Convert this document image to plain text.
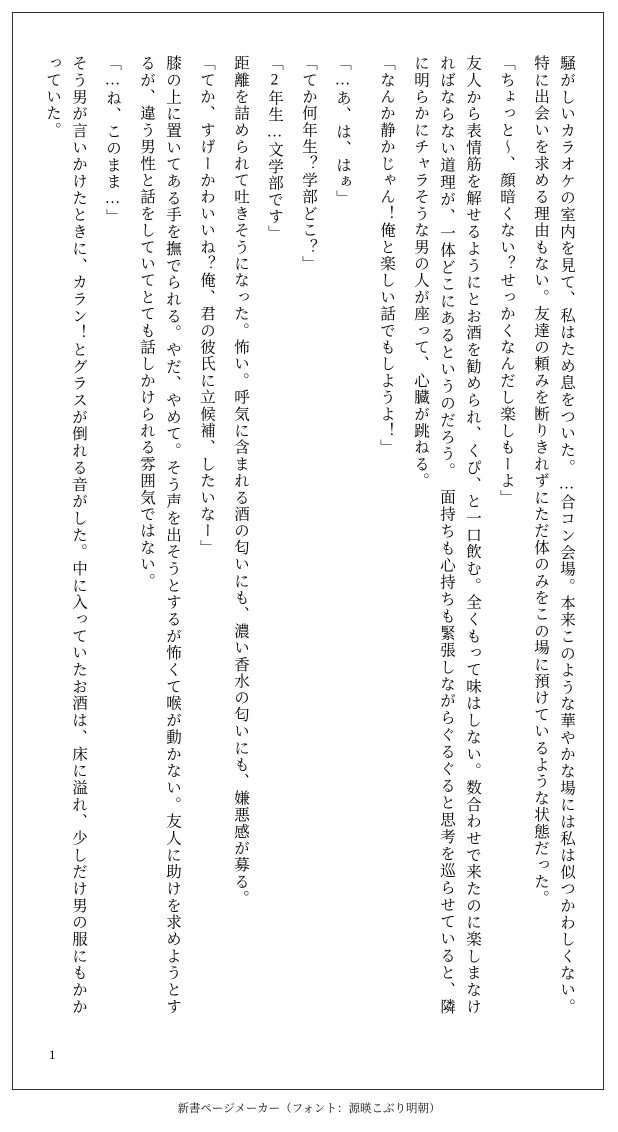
騒がしいカラオケの室内を見て、私はため息をついた。…合コン会場。本来このような華やかな場には私は似つかわしくない。特に出会いを求める理由もない。友達の頼みを断りきれずにただ体のみをこの場に預けているような状態だった。
「ちょっと〜、顔暗くない？せっかくなんだし楽しもーよ」
友人から表情筋を解せるようにとお酒を勧められ、くぴ、と一口飲む。全くもって味はしない。数合わせで来たのに楽しまなければならない道理が、一体どこにあるというのだろう。　面持ちも心持ちも緊張しながらぐるぐると思考を巡らせていると、隣に明らかにチャラそうな男の人が座って、心臓が跳ねる。
「なんか静かじゃん！俺と楽しい話でもしようよ！」
「…あ、は、はぁ」
「てか何年生？学部どこ？」
「2年生…文学部です」
距離を詰められて吐きそうになった。怖い。呼気に含まれる酒の匂いにも、濃い香水の匂いにも、嫌悪感が募る。
「てか、すげーかわいいね？俺、君の彼氏に立候補、したいなー」
膝の上に置いてある手を撫でられる。やだ、やめて。そう声を出そうとするが怖くて喉が動かない。友人に助けを求めようとするが、違う男性と話をしていてとても話しかけられる雰囲気ではない。
「…ね、このまま…」
そう男が言いかけたときに、カラン！とグラスが倒れる音がした。中に入っていたお酒は、床に溢れ、少しだけ男の服にもかかっていた。
1
新書ページメーカー（フォント：源暎こぶり明朝）
